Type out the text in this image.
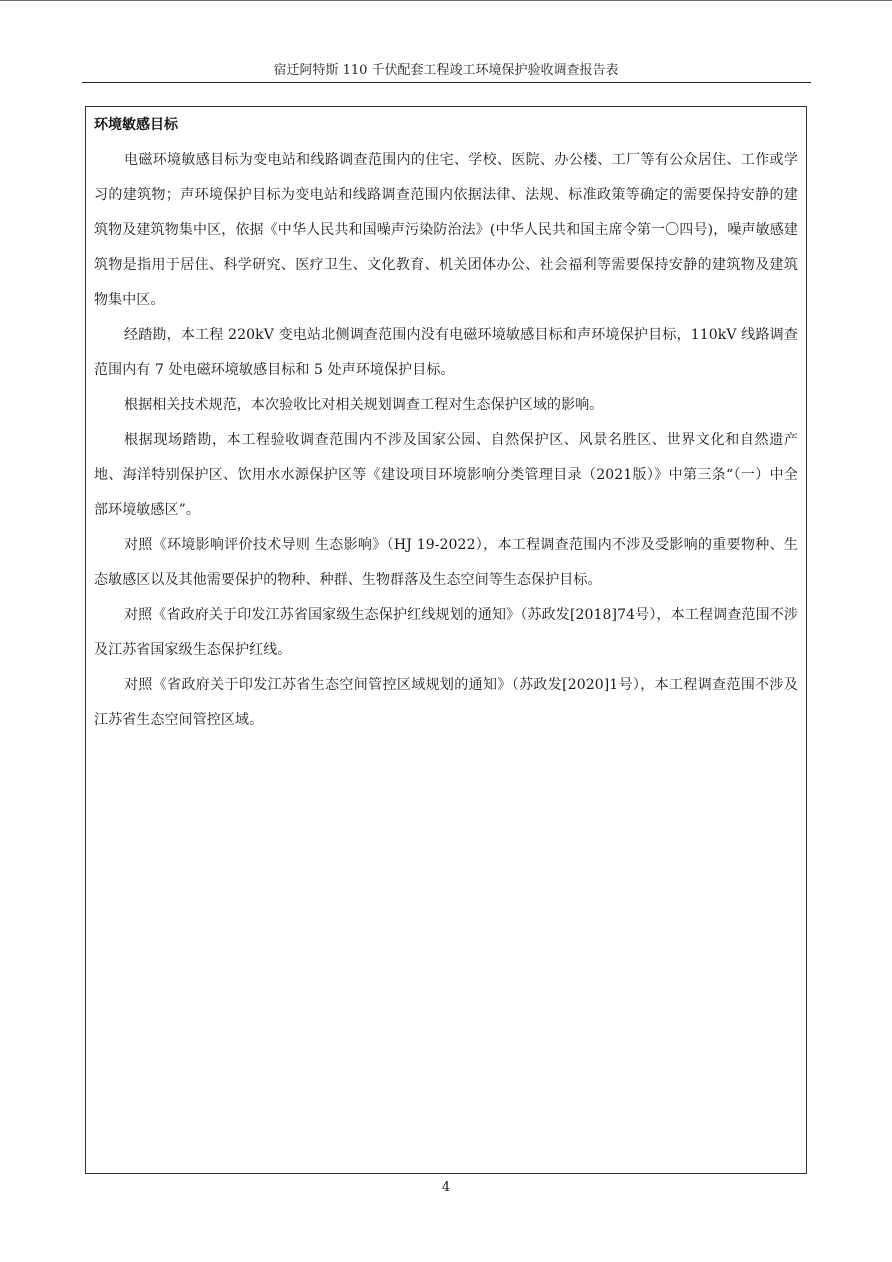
宿迁阿特斯 110 千伏配套工程竣工环境保护验收调查报告表
环境敏感目标

电磁环境敏感目标为变电站和线路调查范围内的住宅、学校、医院、办公楼、工厂等有公众居住、工作或学习的建筑物；声环境保护目标为变电站和线路调查范围内依据法律、法规、标准政策等确定的需要保持安静的建筑物及建筑物集中区，依据《中华人民共和国噪声污染防治法》(中华人民共和国主席令第一〇四号)，噪声敏感建筑物是指用于居住、科学研究、医疗卫生、文化教育、机关团体办公、社会福利等需要保持安静的建筑物及建筑物集中区。

经踏勘，本工程 220kV 变电站北侧调查范围内没有电磁环境敏感目标和声环境保护目标，110kV 线路调查范围内有 7 处电磁环境敏感目标和 5 处声环境保护目标。

根据相关技术规范，本次验收比对相关规划调查工程对生态保护区域的影响。

根据现场踏勘，本工程验收调查范围内不涉及国家公园、自然保护区、风景名胜区、世界文化和自然遗产地、海洋特别保护区、饮用水水源保护区等《建设项目环境影响分类管理目录（2021版）》中第三条“（一）中全部环境敏感区”。

对照《环境影响评价技术导则 生态影响》（HJ 19-2022），本工程调查范围内不涉及受影响的重要物种、生态敏感区以及其他需要保护的物种、种群、生物群落及生态空间等生态保护目标。

对照《省政府关于印发江苏省国家级生态保护红线规划的通知》（苏政发[2018]74号），本工程调查范围不涉及江苏省国家级生态保护红线。

对照《省政府关于印发江苏省生态空间管控区域规划的通知》（苏政发[2020]1号），本工程调查范围不涉及江苏省生态空间管控区域。

4
